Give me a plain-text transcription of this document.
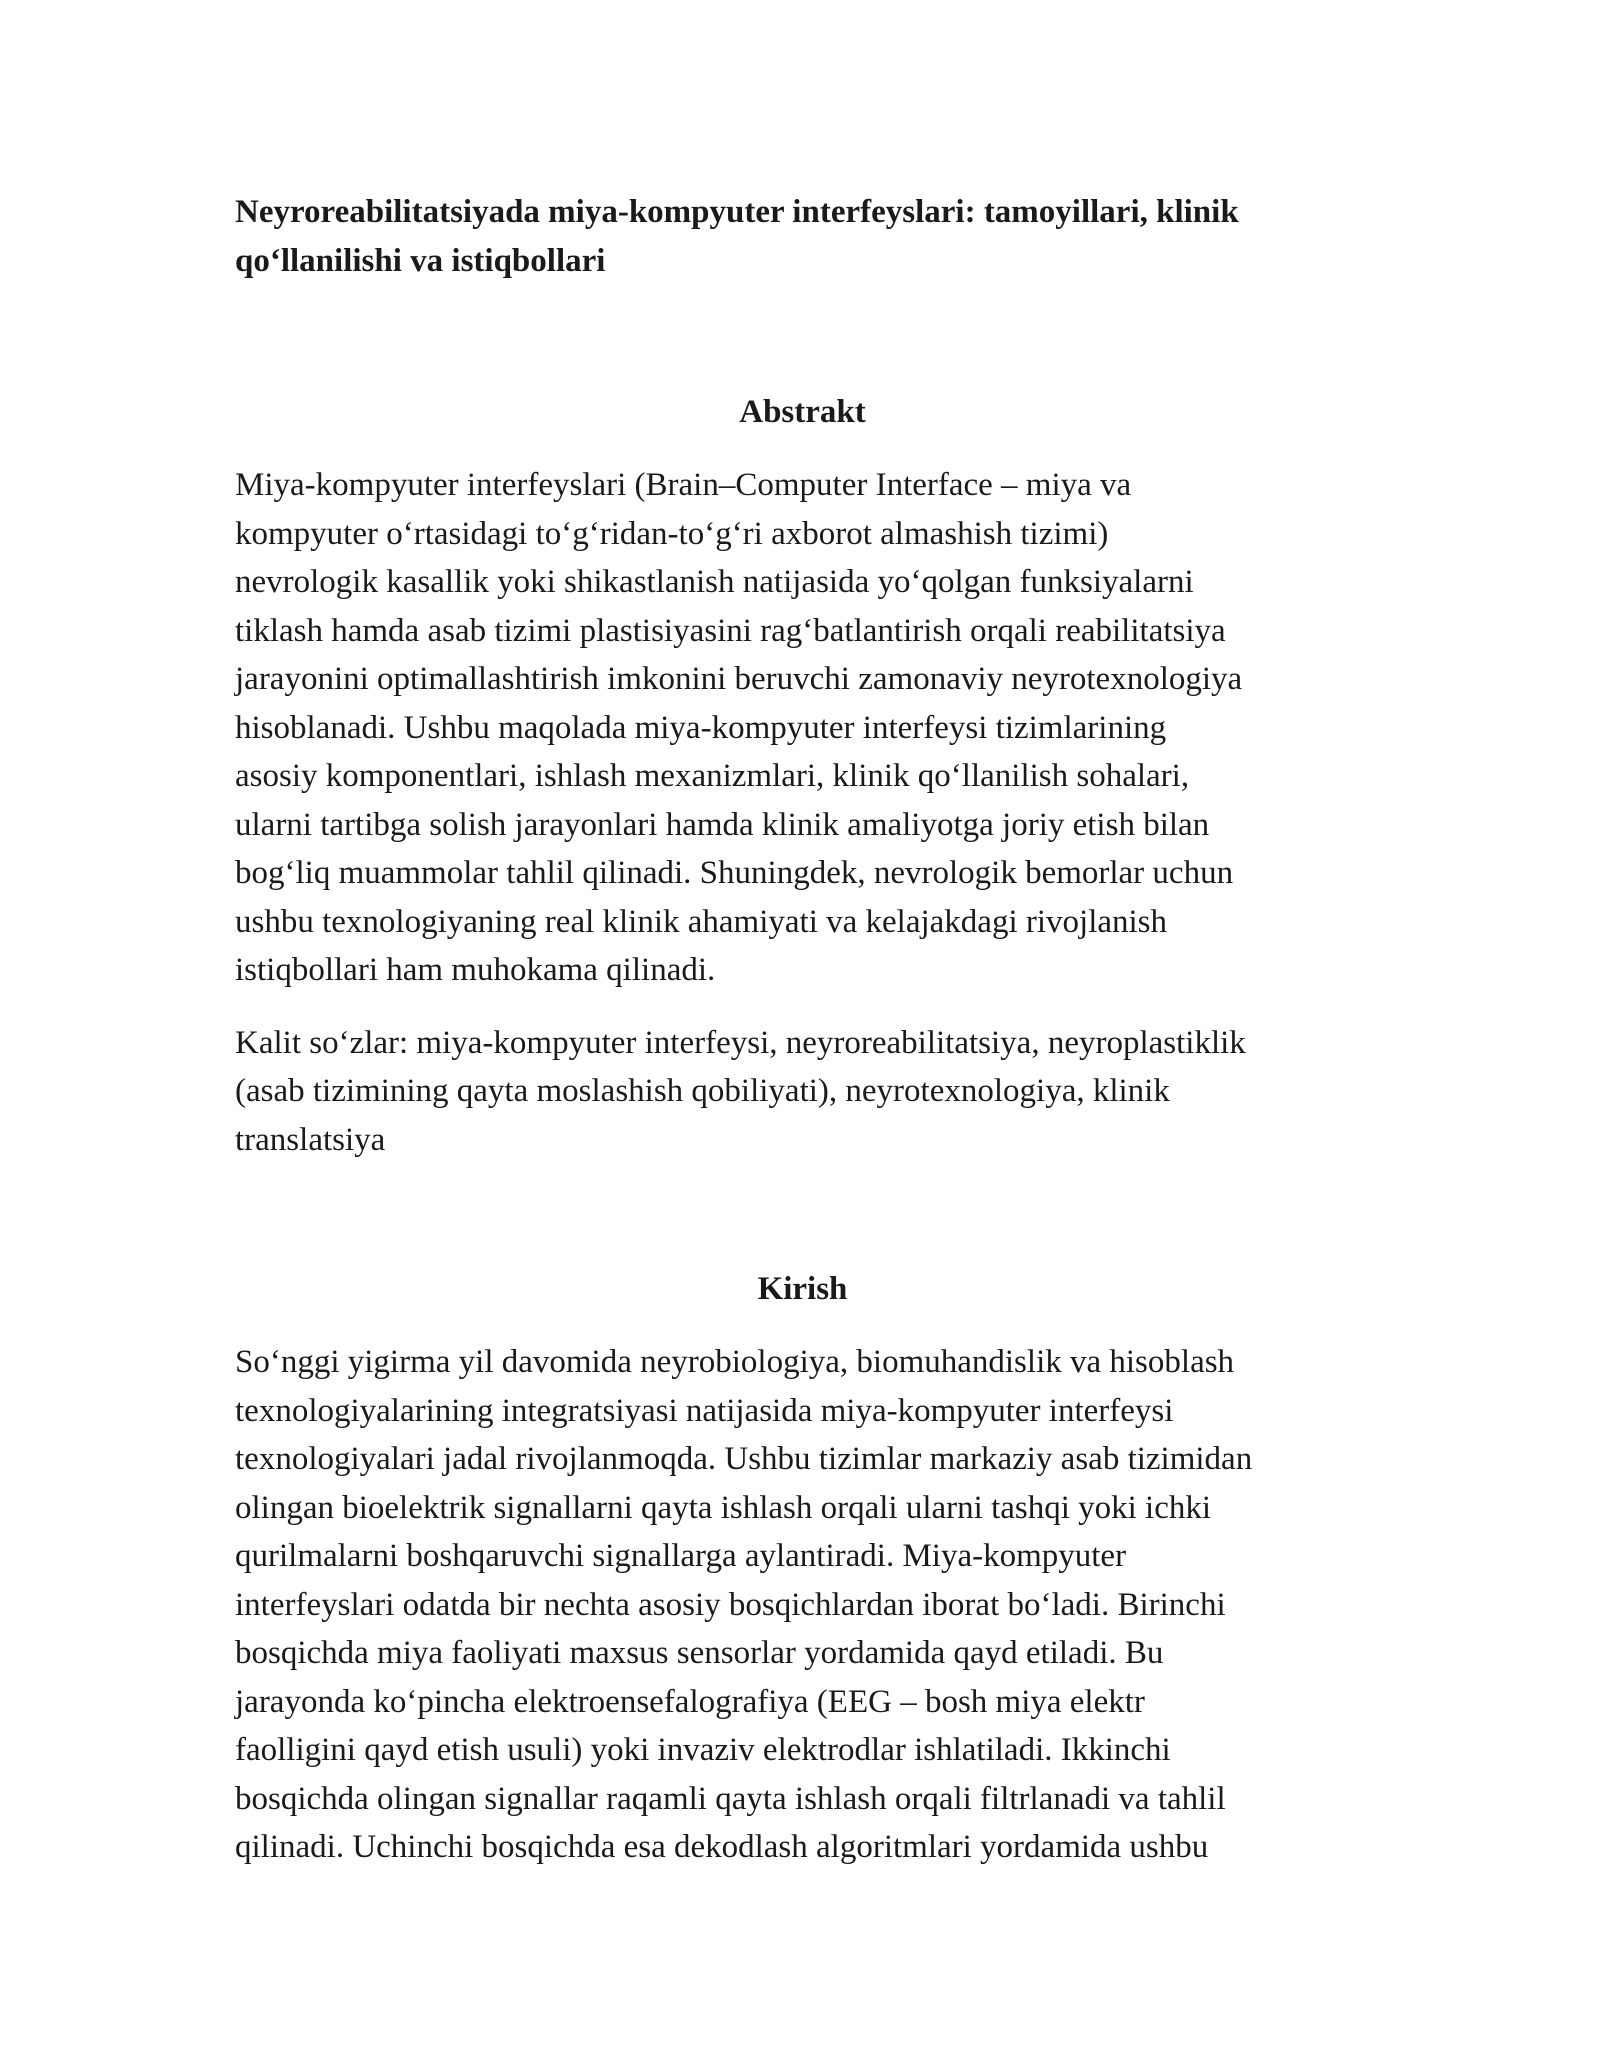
Neyroreabilitatsiyada miya-kompyuter interfeyslari: tamoyillari, klinik
qoʻllanilishi va istiqbollari
Abstrakt

Miya-kompyuter interfeyslari (Brain–Computer Interface – miya va
kompyuter oʻrtasidagi toʻgʻridan-toʻgʻri axborot almashish tizimi)
nevrologik kasallik yoki shikastlanish natijasida yoʻqolgan funksiyalarni
tiklash hamda asab tizimi plastisiyasini ragʻbatlantirish orqali reabilitatsiya
jarayonini optimallashtirish imkonini beruvchi zamonaviy neyrotexnologiya
hisoblanadi. Ushbu maqolada miya-kompyuter interfeysi tizimlarining
asosiy komponentlari, ishlash mexanizmlari, klinik qoʻllanilish sohalari,
ularni tartibga solish jarayonlari hamda klinik amaliyotga joriy etish bilan
bogʻliq muammolar tahlil qilinadi. Shuningdek, nevrologik bemorlar uchun
ushbu texnologiyaning real klinik ahamiyati va kelajakdagi rivojlanish
istiqbollari ham muhokama qilinadi.

Kalit soʻzlar: miya-kompyuter interfeysi, neyroreabilitatsiya, neyroplastiklik
(asab tizimining qayta moslashish qobiliyati), neyrotexnologiya, klinik
translatsiya

Kirish

Soʻnggi yigirma yil davomida neyrobiologiya, biomuhandislik va hisoblash
texnologiyalarining integratsiyasi natijasida miya-kompyuter interfeysi
texnologiyalari jadal rivojlanmoqda. Ushbu tizimlar markaziy asab tizimidan
olingan bioelektrik signallarni qayta ishlash orqali ularni tashqi yoki ichki
qurilmalarni boshqaruvchi signallarga aylantiradi. Miya-kompyuter
interfeyslari odatda bir nechta asosiy bosqichlardan iborat boʻladi. Birinchi
bosqichda miya faoliyati maxsus sensorlar yordamida qayd etiladi. Bu
jarayonda koʻpincha elektroensefalografiya (EEG – bosh miya elektr
faolligini qayd etish usuli) yoki invaziv elektrodlar ishlatiladi. Ikkinchi
bosqichda olingan signallar raqamli qayta ishlash orqali filtrlanadi va tahlil
qilinadi. Uchinchi bosqichda esa dekodlash algoritmlari yordamida ushbu
